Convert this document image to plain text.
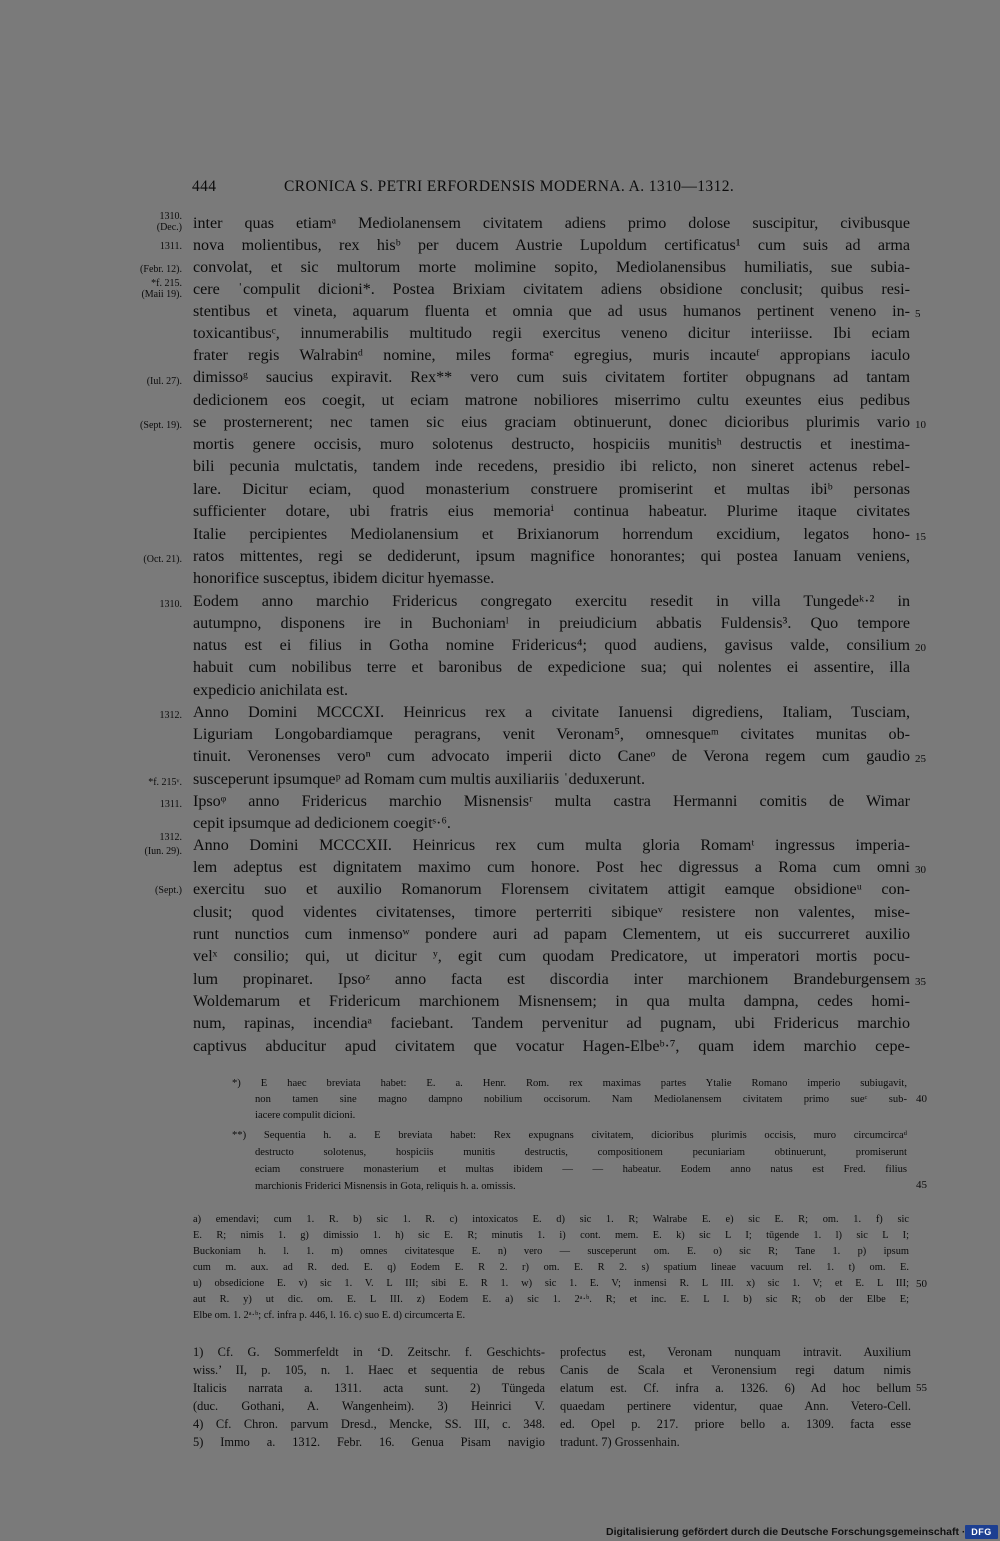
444	CRONICA S. PETRI ERFORDENSIS MODERNA. A. 1310—1312.
inter quas etiamᵃ Mediolanensem civitatem adiens primo dolose suscipitur, civibusque
nova molientibus, rex hisᵇ per ducem Austrie Lupoldum certificatus¹ cum suis ad arma
convolat, et sic multorum morte molimine sopito, Mediolanensibus humiliatis, sue subia-
cere ˈcompulit dicioni*. Postea Brixiam civitatem adiens obsidione conclusit; quibus resi-
stentibus et vineta, aquarum fluenta et omnia que ad usus humanos pertinent veneno in-
toxicantibusᶜ, innumerabilis multitudo regii exercitus veneno dicitur interiisse. Ibi eciam
frater regis Walrabinᵈ nomine, miles formaᵉ egregius, muris incauteᶠ appropians iaculo
dimissoᵍ saucius expiravit. Rex** vero cum suis civitatem fortiter obpugnans ad tantam
dedicionem eos coegit, ut eciam matrone nobiliores miserrimo cultu exeuntes eius pedibus
se prosternerent; nec tamen sic eius graciam obtinuerunt, donec dicioribus plurimis vario
mortis genere occisis, muro solotenus destructo, hospiciis munitisʰ destructis et inestima-
bili pecunia mulctatis, tandem inde recedens, presidio ibi relicto, non sineret actenus rebel-
lare. Dicitur eciam, quod monasterium construere promiserint et multas ibiᵇ personas
sufficienter dotare, ubi fratris eius memoriaⁱ continua habeatur. Plurime itaque civitates
Italie percipientes Mediolanensium et Brixianorum horrendum excidium, legatos hono-
ratos mittentes, regi se dediderunt, ipsum magnifice honorantes; qui postea Ianuam veniens,
honorifice susceptus, ibidem dicitur hyemasse.
Eodem anno marchio Fridericus congregato exercitu resedit in villa Tungedeᵏ·² in
autumpno, disponens ire in Buchoniamˡ in preiudicium abbatis Fuldensis³. Quo tempore
natus est ei filius in Gotha nomine Fridericus⁴; quod audiens, gavisus valde, consilium
habuit cum nobilibus terre et baronibus de expedicione sua; qui nolentes ei assentire, illa
expedicio anichilata est.
Anno Domini MCCCXI. Heinricus rex a civitate Ianuensi digrediens, Italiam, Tusciam,
Liguriam Longobardiamque peragrans, venit Veronam⁵, omnesqueᵐ civitates munitas ob-
tinuit. Veronenses veroⁿ cum advocato imperii dicto Caneᵒ de Verona regem cum gaudio
susceperunt ipsumqueᵖ ad Romam cum multis auxiliariis ˈdeduxerunt.
Ipsoᵠ anno Fridericus marchio Misnensisʳ multa castra Hermanni comitis de Wimar
cepit ipsumque ad dedicionem coegitˢ·⁶.
Anno Domini MCCCXII. Heinricus rex cum multa gloria Romamᵗ ingressus imperia-
lem adeptus est dignitatem maximo cum honore. Post hec digressus a Roma cum omni
exercitu suo et auxilio Romanorum Florensem civitatem attigit eamque obsidioneᵘ con-
clusit; quod videntes civitatenses, timore perterriti sibiqueᵛ resistere non valentes, mise-
runt nunctios cum inmensoʷ pondere auri ad papam Clementem, ut eis succurreret auxilio
velˣ consilio; qui, ut dicitur ʸ, egit cum quodam Predicatore, ut imperatori mortis pocu-
lum propinaret. Ipsoᶻ anno facta est discordia inter marchionem Brandeburgensem
Woldemarum et Fridericum marchionem Misnensem; in qua multa dampna, cedes homi-
num, rapinas, incendiaᵃ faciebant. Tandem pervenitur ad pugnam, ubi Fridericus marchio
captivus abducitur apud civitatem que vocatur Hagen-Elbeᵇ·⁷, quam idem marchio cepe-
1310.
(Dec.)
1311.
(Febr. 12).
*f. 215.
(Maii 19).
(Iul. 27).
(Sept. 19).
(Oct. 21).
1310.
1312.
*f. 215ᵛ.
1311.
1312.
(Iun. 29).
(Sept.)
5
10
15
20
25
30
35
*) E haec breviata habet: E. a. Henr. Rom. rex maximas partes Ytalie Romano imperio subiugavit,
non tamen sine magno dampno nobilium occisorum. Nam Mediolanensem civitatem primo sueᶜ sub-
iacere compulit dicioni.
**) Sequentia h. a. E breviata habet: Rex expugnans civitatem, dicioribus plurimis occisis, muro circumcircaᵈ
destructo solotenus, hospiciis munitis destructis, compositionem pecuniariam obtinuerunt, promiserunt
eciam construere monasterium et multas ibidem — — habeatur. Eodem anno natus est Fred. filius
marchionis Friderici Misnensis in Gota, reliquis h. a. omissis.
40
45
a) emendavi; cum 1. R. b) sic 1. R. c) intoxicatos E. d) sic 1. R; Walrabe E. e) sic E. R; om. 1. f) sic
E. R; nimis 1. g) dimissio 1. h) sic E. R; minutis 1. i) cont. mem. E. k) sic L I; tūgende 1. l) sic L I;
Buckoniam h. l. 1. m) omnes civitatesque E. n) vero — susceperunt om. E. o) sic R; Tane 1. p) ipsum
cum m. aux. ad R. ded. E. q) Eodem E. R 2. r) om. E. R 2. s) spatium lineae vacuum rel. 1. t) om. E.
u) obsedicione E. v) sic 1. V. L III; sibi E. R 1. w) sic 1. E. V; inmensi R. L III. x) sic 1. V; et E. L III;
aut R. y) ut dic. om. E. L III. z) Eodem E. a) sic 1. 2ᵃ·ᵇ. R; et inc. E. L I. b) sic R; ob der Elbe E;
Elbe om. 1. 2ᵃ·ᵇ; cf. infra p. 446, l. 16. c) suo E. d) circumcerta E.
50
1) Cf. G. Sommerfeldt in ‘D. Zeitschr. f. Geschichts-
wiss.’ II, p. 105, n. 1. Haec et sequentia de rebus
Italicis narrata a. 1311. acta sunt. 2) Tüngeda
(duc. Gothani, A. Wangenheim). 3) Heinrici V.
4) Cf. Chron. parvum Dresd., Mencke, SS. III, c. 348.
5) Immo a. 1312. Febr. 16. Genua Pisam navigio
profectus est, Veronam nunquam intravit. Auxilium
Canis de Scala et Veronensium regi datum nimis
elatum est. Cf. infra a. 1326. 6) Ad hoc bellum
quaedam pertinere videntur, quae Ann. Vetero-Cell.
ed. Opel p. 217. priore bello a. 1309. facta esse
tradunt. 7) Grossenhain.
55
Digitalisierung gefördert durch die Deutsche Forschungsgemeinschaft · DFG
